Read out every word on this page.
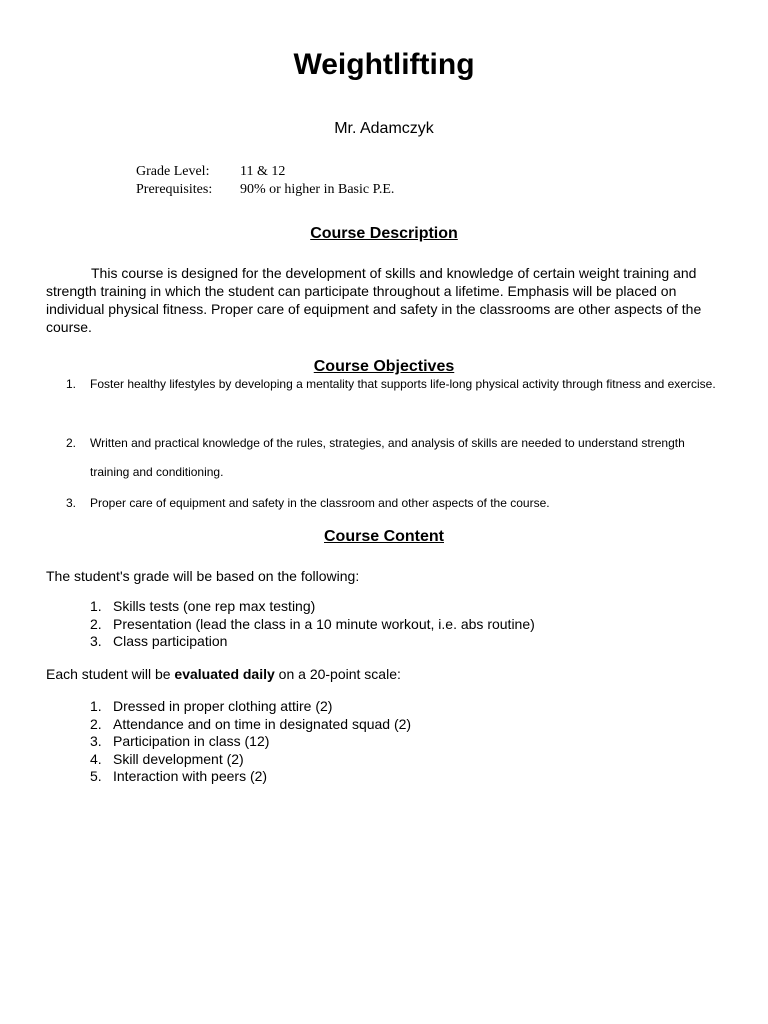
Weightlifting
Mr. Adamczyk
Grade Level: 11 & 12
Prerequisites: 90% or higher in Basic P.E.
Course Description
This course is designed for the development of skills and knowledge of certain weight training and strength training in which the student can participate throughout a lifetime. Emphasis will be placed on individual physical fitness. Proper care of equipment and safety in the classrooms are other aspects of the course.
Course Objectives
1. Foster healthy lifestyles by developing a mentality that supports life-long physical activity through fitness and exercise.
2. Written and practical knowledge of the rules, strategies, and analysis of skills are needed to understand strength training and conditioning.
3. Proper care of equipment and safety in the classroom and other aspects of the course.
Course Content
The student's grade will be based on the following:
1. Skills tests (one rep max testing)
2. Presentation (lead the class in a 10 minute workout, i.e. abs routine)
3. Class participation
Each student will be evaluated daily on a 20-point scale:
1. Dressed in proper clothing attire (2)
2. Attendance and on time in designated squad (2)
3. Participation in class (12)
4. Skill development (2)
5. Interaction with peers (2)
